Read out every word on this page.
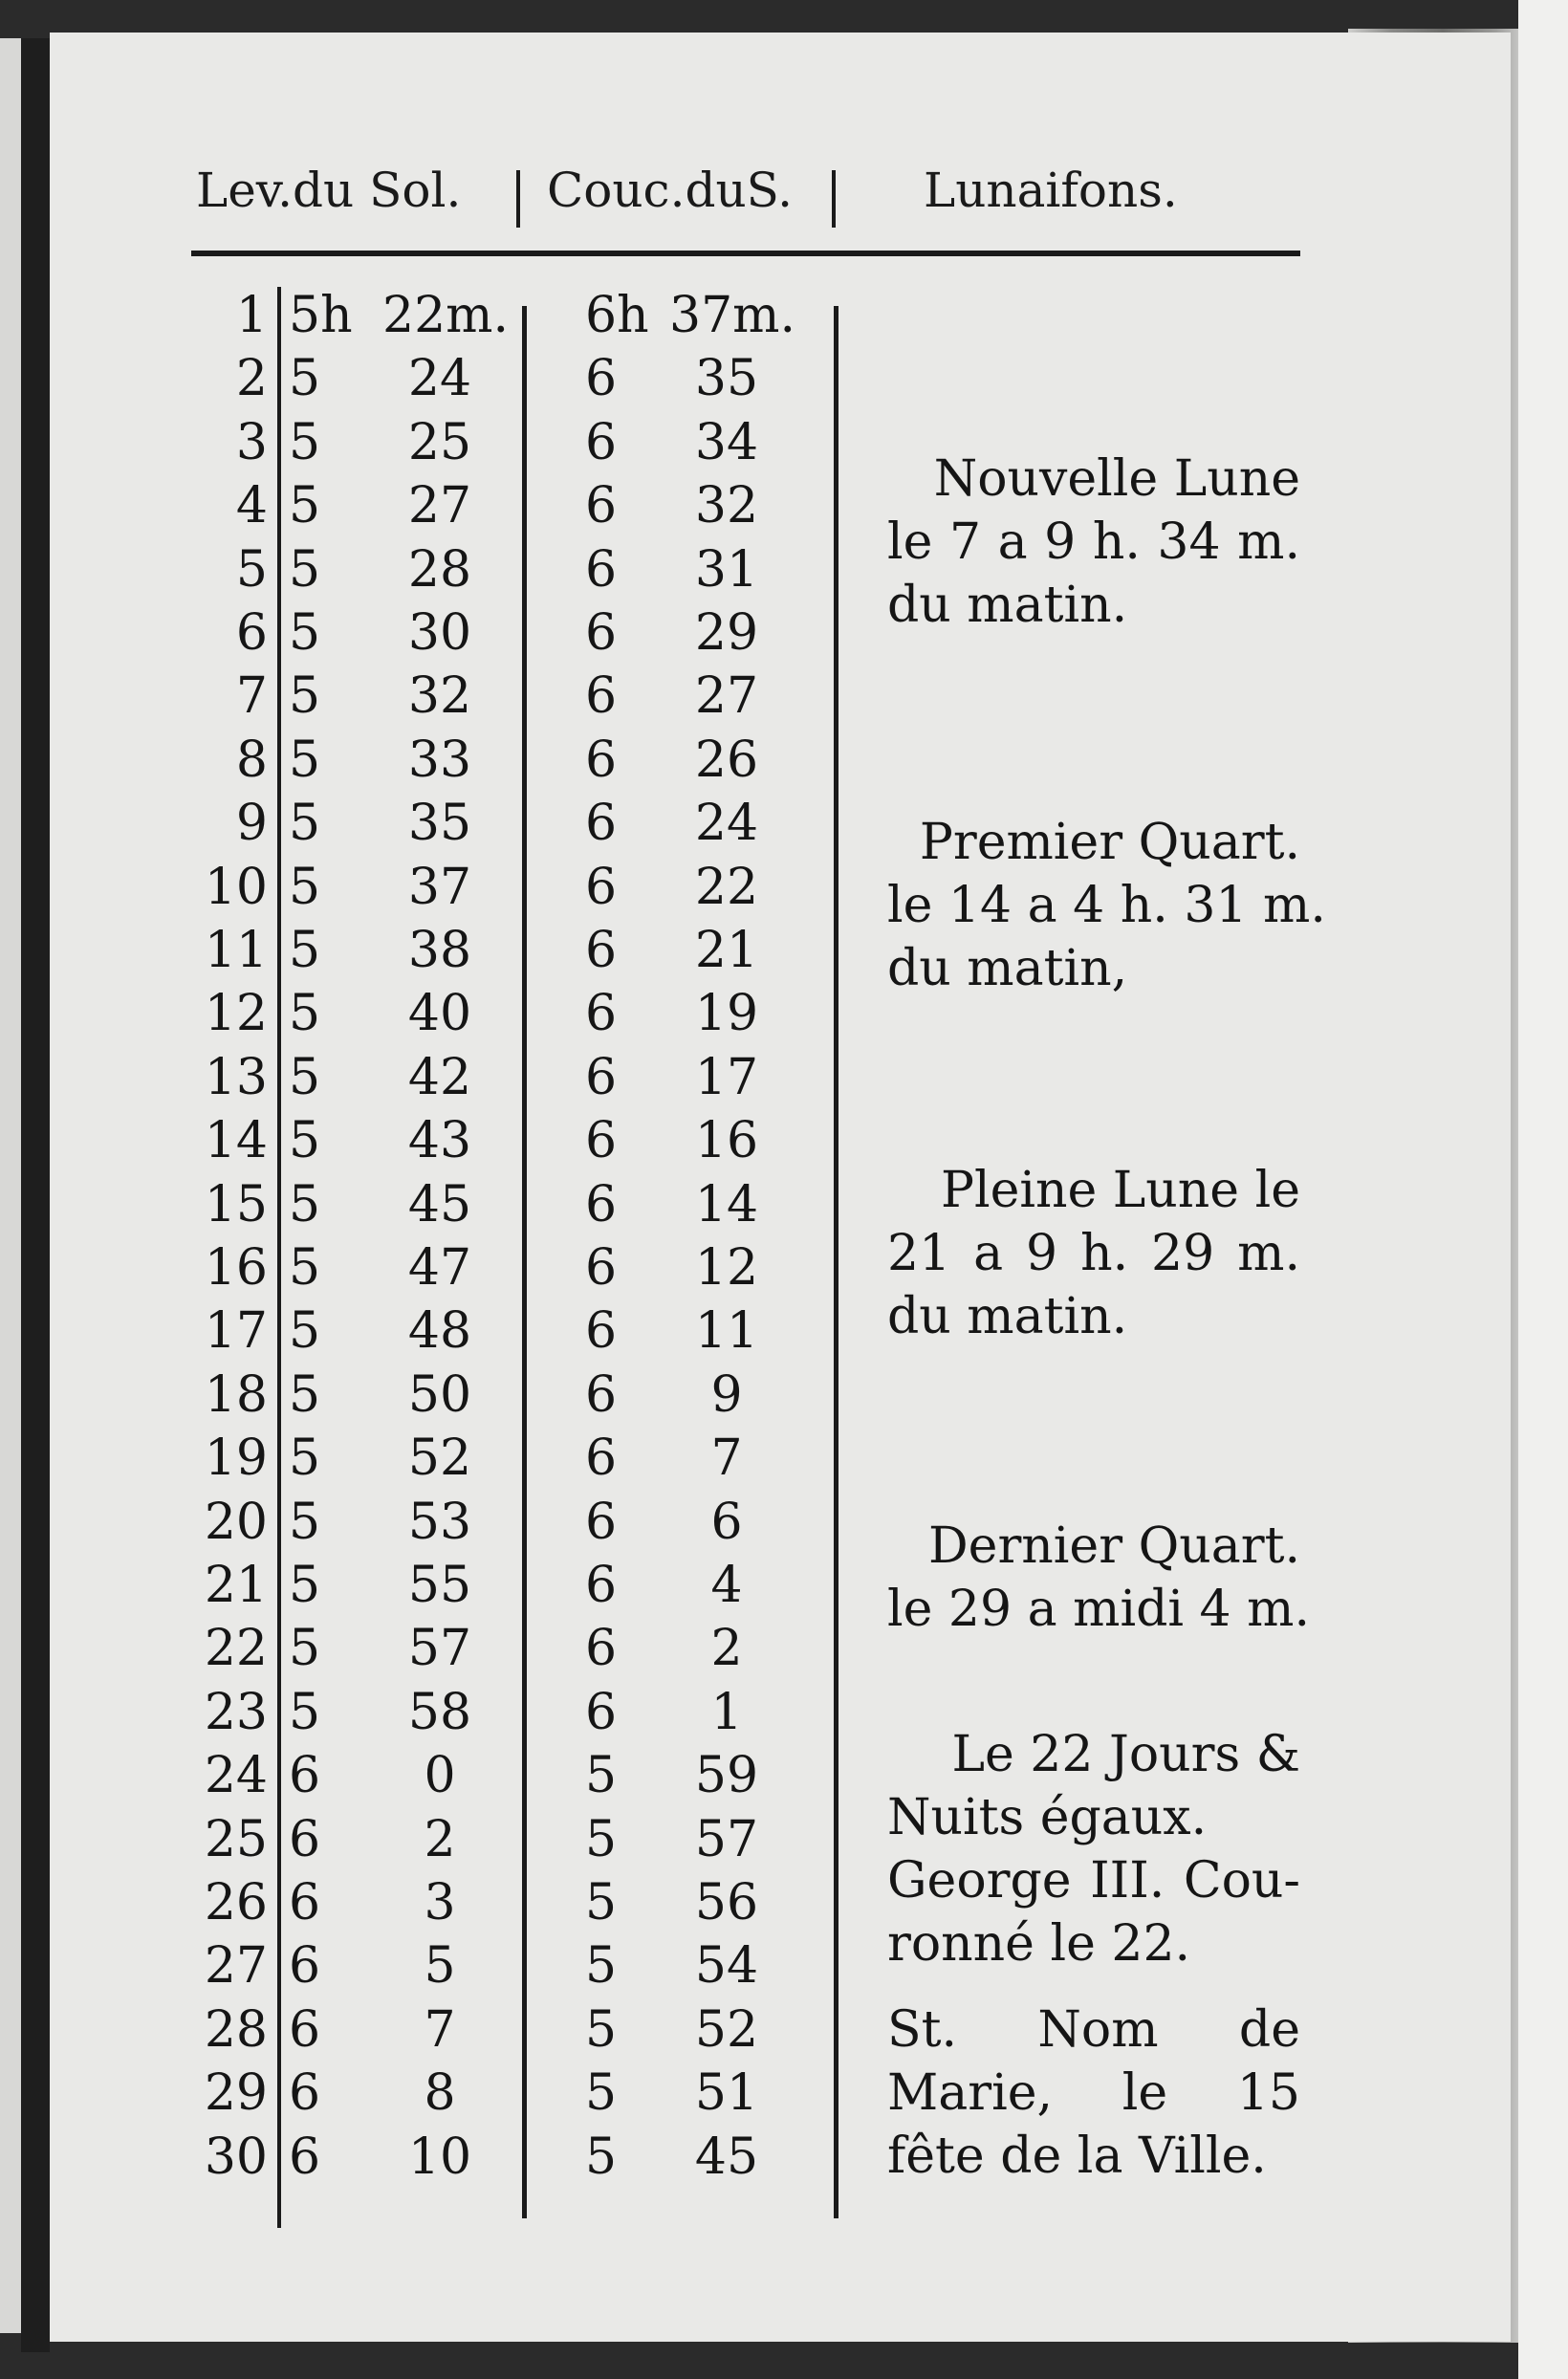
Lev.du Sol. Couc.duS.	Lunaifons.
1 5h 22m. 6h 37m.
2 5	24	6	35
3 5	25	6	34
4 5	27	6	32
5 5	28	6	31
6 5	30	6	29
7 5	32	6	27
8 5	33	6	26
9 5	35	6	24
10 5	37	6	22
11 5	38	6	21
12 5	40	6	19
13 5	42	6	17
14 5	43	6	16
15 5	45	6	14
16 5	47	6	12
17 5	48	6	11
18 5	50	6	9
19 5	52	6	7
20 5	53	6	6
21 5	55	6	4
22 5	57	6	2
23 5	58	6	1
24 6	0	5	59
25 6	2	5	57
26 6	3	5	56
27 6	5	5	54
28 6	7	5	52
29 6	8	5	51
30 6	10	5	45
Nouvelle Lune
le 7 a 9 h. 34 m.
du matin.
Premier Quart.
le 14 a 4 h. 31 m.
du matin,
Pleine Lune le
21 a 9 h. 29 m.
du matin.
Dernier Quart.
le 29 a midi 4 m.
Le 22 Jours &
Nuits égaux.
George III. Cou-
ronné le 22.
St. Nom de
Marie, le 15
fête de la Ville.
